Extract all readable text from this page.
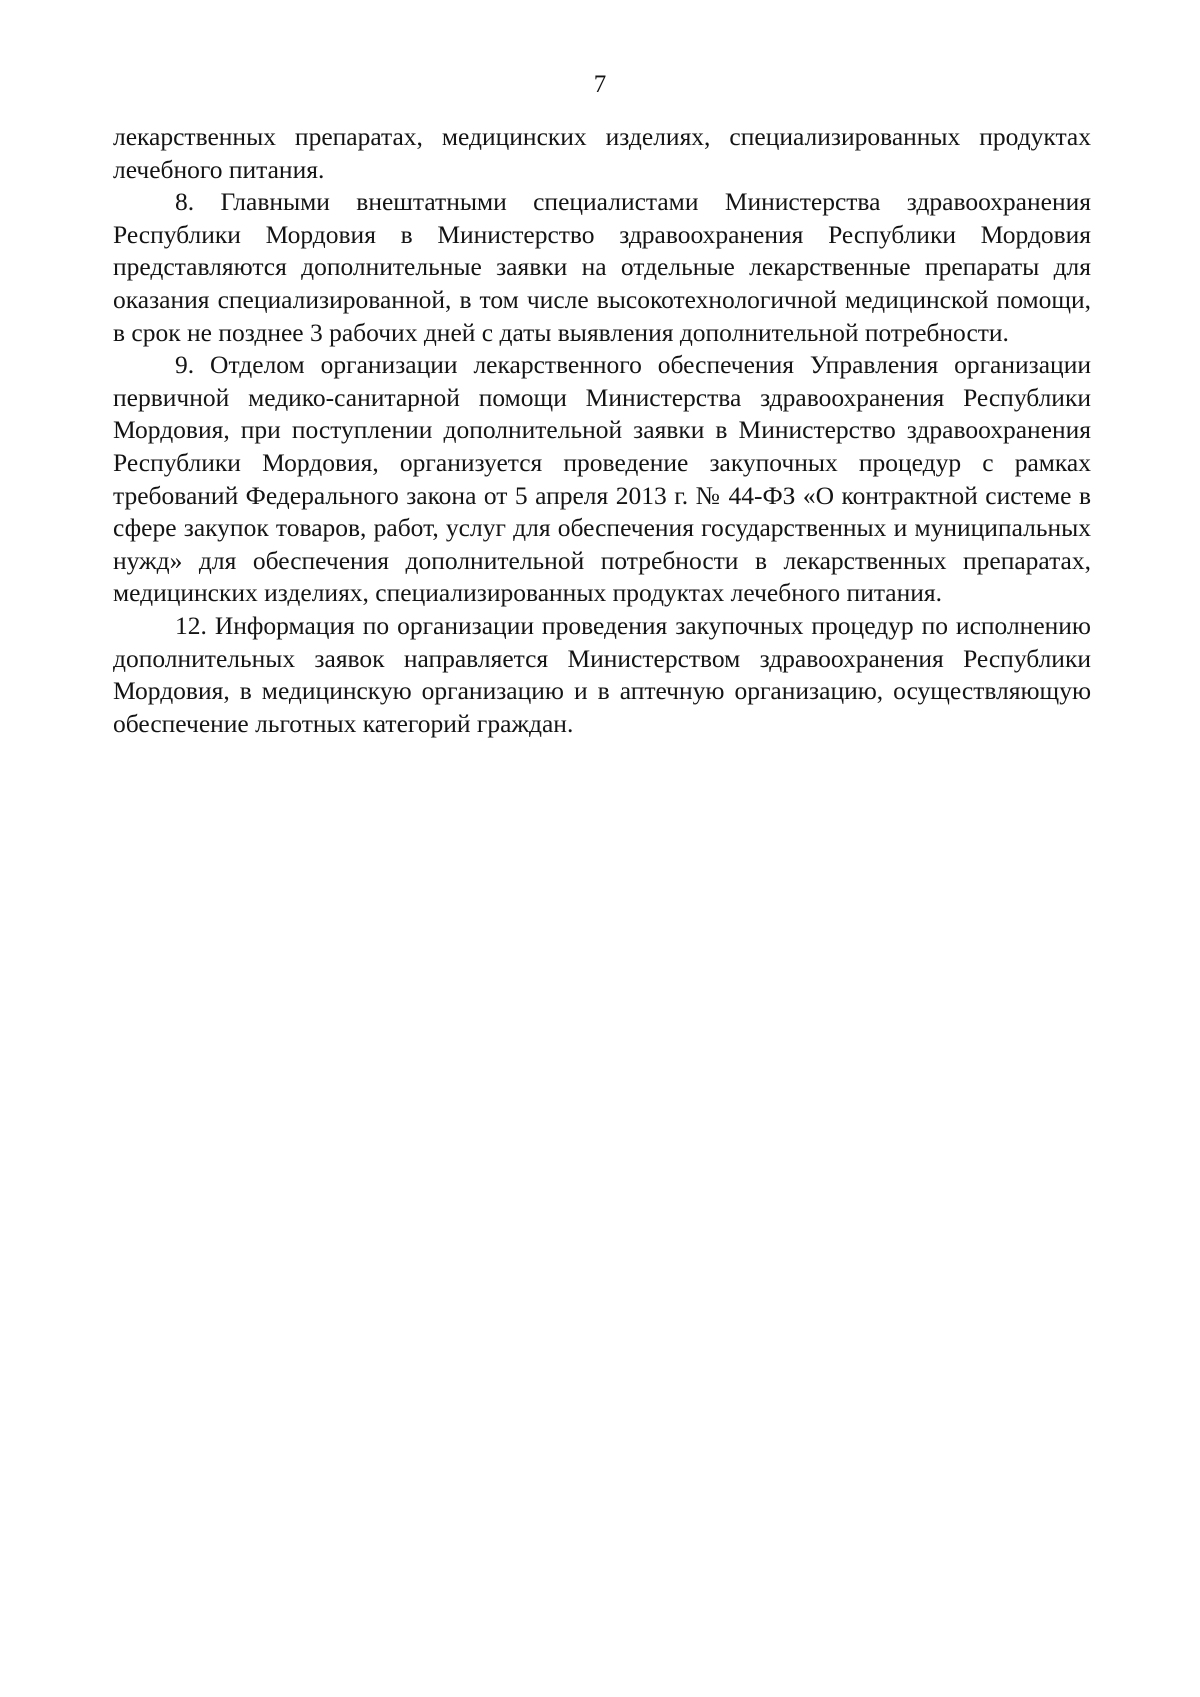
7

лекарственных препаратах, медицинских изделиях, специализированных продуктах лечебного питания.

8. Главными внештатными специалистами Министерства здравоохранения Республики Мордовия в Министерство здравоохранения Республики Мордовия представляются дополнительные заявки на отдельные лекарственные препараты для оказания специализированной, в том числе высокотехнологичной медицинской помощи, в срок не позднее 3 рабочих дней с даты выявления дополнительной потребности.

9. Отделом организации лекарственного обеспечения Управления организации первичной медико-санитарной помощи Министерства здравоохранения Республики Мордовия, при поступлении дополнительной заявки в Министерство здравоохранения Республики Мордовия, организуется проведение закупочных процедур с рамках требований Федерального закона от 5 апреля 2013 г. № 44-ФЗ «О контрактной системе в сфере закупок товаров, работ, услуг для обеспечения государственных и муниципальных нужд» для обеспечения дополнительной потребности в лекарственных препаратах, медицинских изделиях, специализированных продуктах лечебного питания.

12. Информация по организации проведения закупочных процедур по исполнению дополнительных заявок направляется Министерством здравоохранения Республики Мордовия, в медицинскую организацию и в аптечную организацию, осуществляющую обеспечение льготных категорий граждан.
